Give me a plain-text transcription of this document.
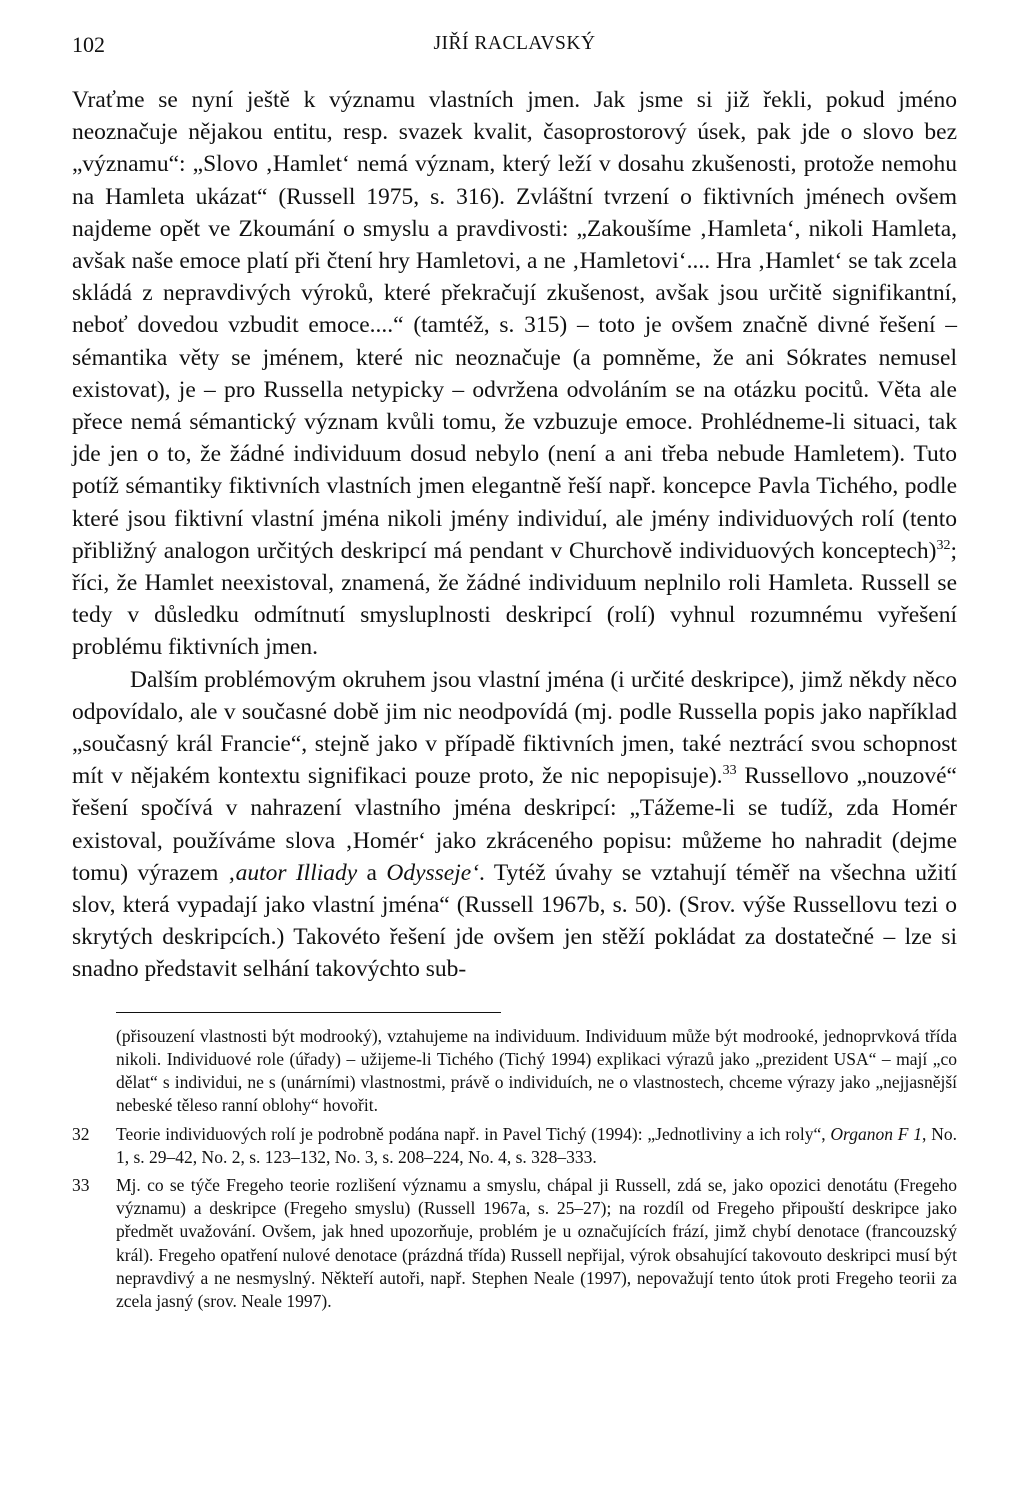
102	JIŘÍ RACLAVSKÝ

Vraťme se nyní ještě k významu vlastních jmen. Jak jsme si již řekli, pokud jméno neoznačuje nějakou entitu, resp. svazek kvalit, časoprostorový úsek, pak jde o slovo bez „významu“: „Slovo ‚Hamlet‘ nemá význam, který leží v dosahu zkušenosti, protože nemohu na Hamleta ukázat“ (Russell 1975, s. 316). Zvláštní tvrzení o fiktivních jménech ovšem najdeme opět ve Zkoumání o smyslu a pravdivosti: „Zakoušíme ‚Hamleta‘, nikoli Hamleta, avšak naše emoce platí při čtení hry Hamletovi, a ne ‚Hamletovi‘.... Hra ‚Hamlet‘ se tak zcela skládá z nepravdivých výroků, které překračují zkušenost, avšak jsou určitě signifikantní, neboť dovedou vzbudit emoce....“ (tamtéž, s. 315) – toto je ovšem značně divné řešení – sémantika věty se jménem, které nic neoznačuje (a pomněme, že ani Sókrates nemusel existovat), je – pro Russella netypicky – odvržena odvoláním se na otázku pocitů. Věta ale přece nemá sémantický význam kvůli tomu, že vzbuzuje emoce. Prohlédneme-li situaci, tak jde jen o to, že žádné individuum dosud nebylo (není a ani třeba nebude Hamletem). Tuto potíž sémantiky fiktivních vlastních jmen elegantně řeší např. koncepce Pavla Tichého, podle které jsou fiktivní vlastní jména nikoli jmény individuí, ale jmény individuových rolí (tento přibližný analogon určitých deskripcí má pendant v Churchově individuových konceptech)$^{32}$; říci, že Hamlet neexistoval, znamená, že žádné individuum neplnilo roli Hamleta. Russell se tedy v důsledku odmítnutí smysluplnosti deskripcí (rolí) vyhnul rozumnému vyřešení problému fiktivních jmen.

Dalším problémovým okruhem jsou vlastní jména (i určité deskripce), jimž někdy něco odpovídalo, ale v současné době jim nic neodpovídá (mj. podle Russella popis jako například „současný král Francie“, stejně jako v případě fiktivních jmen, také neztrácí svou schopnost mít v nějakém kontextu signifikaci pouze proto, že nic nepopisuje).$^{33}$ Russellovo „nouzové“ řešení spočívá v nahrazení vlastního jména deskripcí: „Tážeme-li se tudíž, zda Homér existoval, používáme slova ‚Homér‘ jako zkráceného popisu: můžeme ho nahradit (dejme tomu) výrazem ‚autor Illiady a Odysseje‘. Tytéž úvahy se vztahují téměř na všechna užití slov, která vypadají jako vlastní jména“ (Russell 1967b, s. 50). (Srov. výše Russellovu tezi o skrytých deskripcích.) Takovéto řešení jde ovšem jen stěží pokládat za dostatečné – lze si snadno představit selhání takovýchto sub-

(přisouzení vlastnosti být modrooký), vztahujeme na individuum. Individuum může být modrooké, jednoprvková třída nikoli. Individuové role (úřady) – užijeme-li Tichého (Tichý 1994) explikaci výrazů jako „prezident USA“ – mají „co dělat“ s individui, ne s (unárními) vlastnostmi, právě o individuích, ne o vlastnostech, chceme výrazy jako „nejjasnější nebeské těleso ranní oblohy“ hovořit.
32 Teorie individuových rolí je podrobně podána např. in Pavel Tichý (1994): „Jednotliviny a ich roly“, Organon F 1, No. 1, s. 29–42, No. 2, s. 123–132, No. 3, s. 208–224, No. 4, s. 328–333.
33 Mj. co se týče Fregeho teorie rozlišení významu a smyslu, chápal ji Russell, zdá se, jako opozici denotátu (Fregeho významu) a deskripce (Fregeho smyslu) (Russell 1967a, s. 25–27); na rozdíl od Fregeho připouští deskripce jako předmět uvažování. Ovšem, jak hned upozorňuje, problém je u označujících frází, jimž chybí denotace (francouzský král). Fregeho opatření nulové denotace (prázdná třída) Russell nepřijal, výrok obsahující takovouto deskripci musí být nepravdivý a ne nesmyslný. Někteří autoři, např. Stephen Neale (1997), nepovažují tento útok proti Fregeho teorii za zcela jasný (srov. Neale 1997).
